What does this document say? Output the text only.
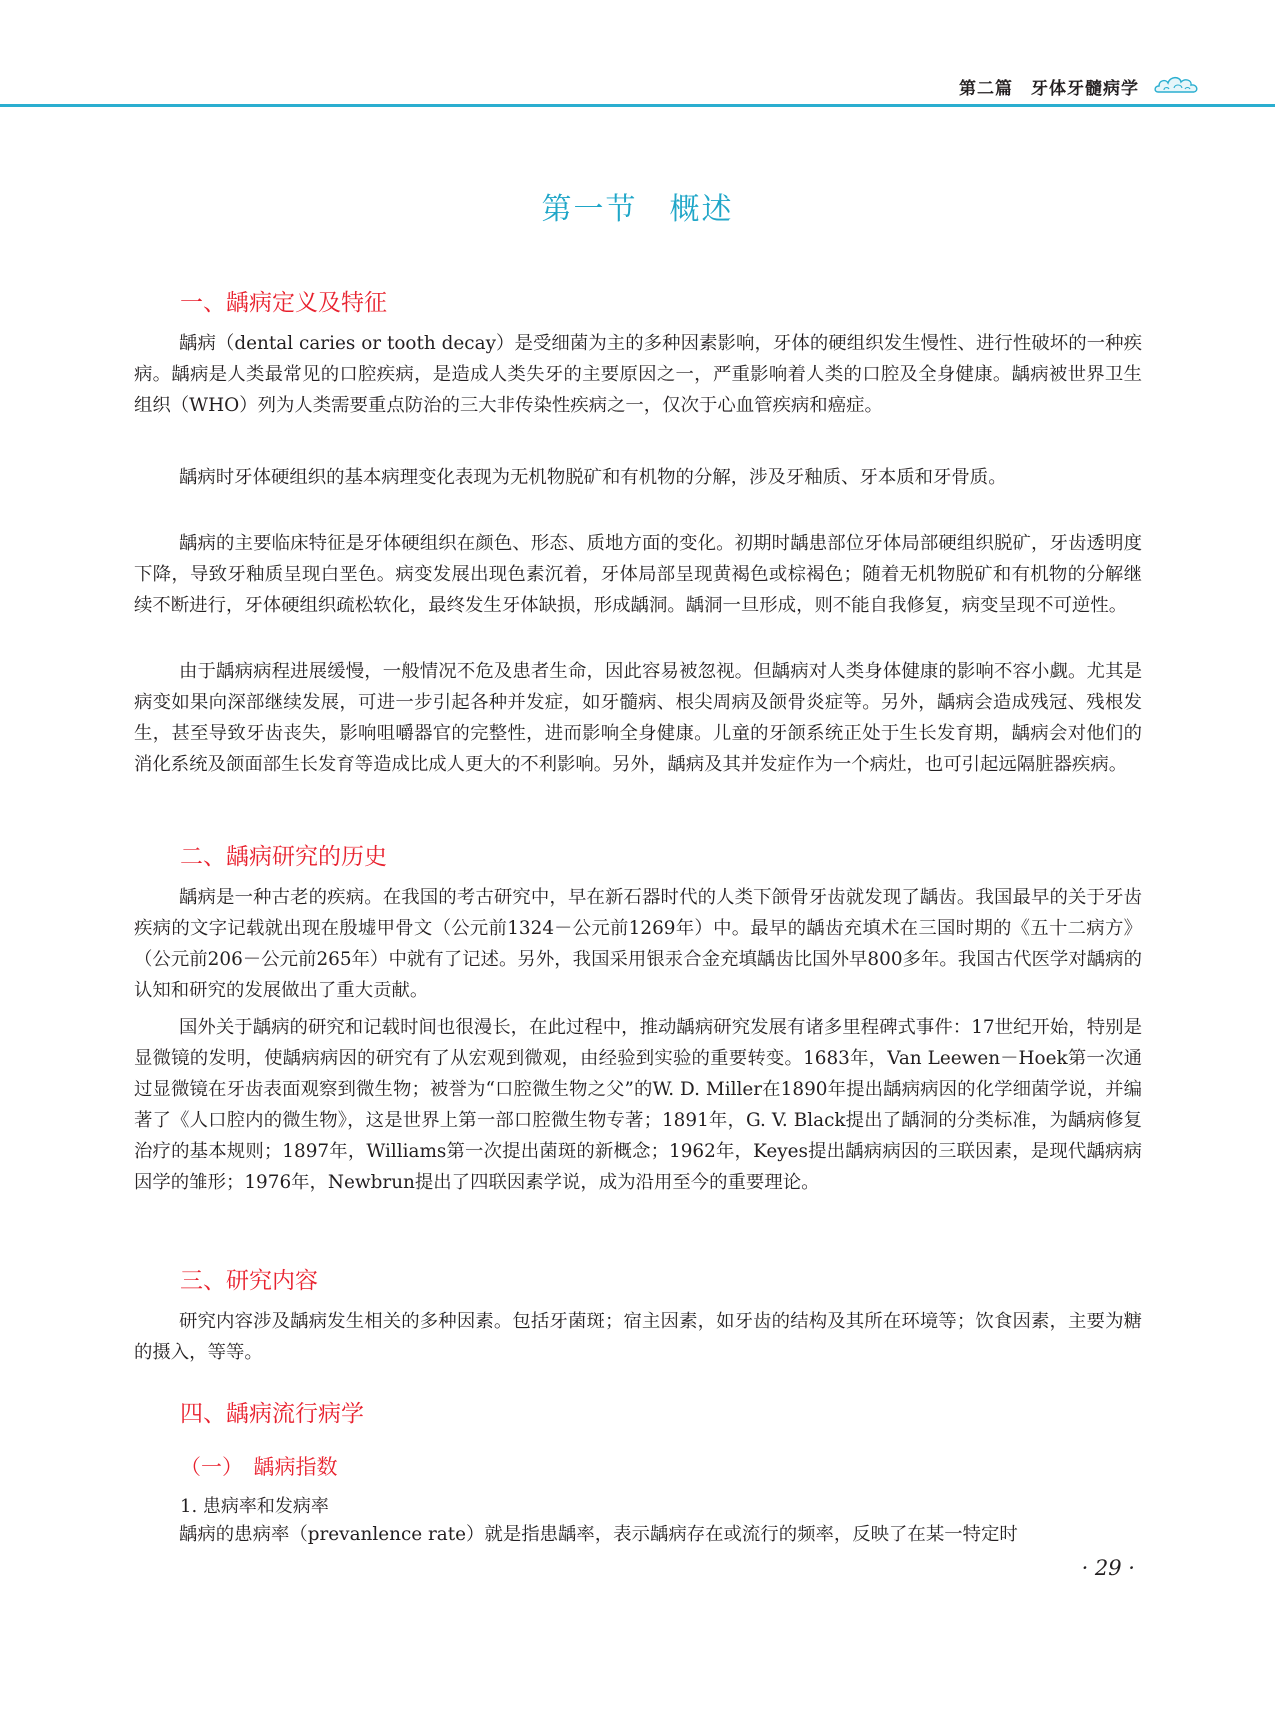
第二篇　牙体牙髓病学
第一节　概述
一、龋病定义及特征

龋病（dental caries or tooth decay）是受细菌为主的多种因素影响，牙体的硬组织发生慢性、进行性破坏的一种疾病。龋病是人类最常见的口腔疾病，是造成人类失牙的主要原因之一，严重影响着人类的口腔及全身健康。龋病被世界卫生组织（WHO）列为人类需要重点防治的三大非传染性疾病之一，仅次于心血管疾病和癌症。

龋病时牙体硬组织的基本病理变化表现为无机物脱矿和有机物的分解，涉及牙釉质、牙本质和牙骨质。

龋病的主要临床特征是牙体硬组织在颜色、形态、质地方面的变化。初期时龋患部位牙体局部硬组织脱矿，牙齿透明度下降，导致牙釉质呈现白垩色。病变发展出现色素沉着，牙体局部呈现黄褐色或棕褐色；随着无机物脱矿和有机物的分解继续不断进行，牙体硬组织疏松软化，最终发生牙体缺损，形成龋洞。龋洞一旦形成，则不能自我修复，病变呈现不可逆性。

由于龋病病程进展缓慢，一般情况不危及患者生命，因此容易被忽视。但龋病对人类身体健康的影响不容小觑。尤其是病变如果向深部继续发展，可进一步引起各种并发症，如牙髓病、根尖周病及颌骨炎症等。另外，龋病会造成残冠、残根发生，甚至导致牙齿丧失，影响咀嚼器官的完整性，进而影响全身健康。儿童的牙颌系统正处于生长发育期，龋病会对他们的消化系统及颌面部生长发育等造成比成人更大的不利影响。另外，龋病及其并发症作为一个病灶，也可引起远隔脏器疾病。

二、龋病研究的历史

龋病是一种古老的疾病。在我国的考古研究中，早在新石器时代的人类下颌骨牙齿就发现了龋齿。我国最早的关于牙齿疾病的文字记载就出现在殷墟甲骨文（公元前1324－公元前1269年）中。最早的龋齿充填术在三国时期的《五十二病方》（公元前206－公元前265年）中就有了记述。另外，我国采用银汞合金充填龋齿比国外早800多年。我国古代医学对龋病的认知和研究的发展做出了重大贡献。

国外关于龋病的研究和记载时间也很漫长，在此过程中，推动龋病研究发展有诸多里程碑式事件：17世纪开始，特别是显微镜的发明，使龋病病因的研究有了从宏观到微观，由经验到实验的重要转变。1683年，Van Leewen－Hoek第一次通过显微镜在牙齿表面观察到微生物；被誉为“口腔微生物之父”的W. D. Miller在1890年提出龋病病因的化学细菌学说，并编著了《人口腔内的微生物》，这是世界上第一部口腔微生物专著；1891年，G. V. Black提出了龋洞的分类标准，为龋病修复治疗的基本规则；1897年，Williams第一次提出菌斑的新概念；1962年，Keyes提出龋病病因的三联因素，是现代龋病病因学的雏形；1976年，Newbrun提出了四联因素学说，成为沿用至今的重要理论。

三、研究内容

研究内容涉及龋病发生相关的多种因素。包括牙菌斑；宿主因素，如牙齿的结构及其所在环境等；饮食因素，主要为糖的摄入，等等。

四、龋病流行病学
（一）　龋病指数
1. 患病率和发病率

龋病的患病率（prevanlence rate）就是指患龋率，表示龋病存在或流行的频率，反映了在某一特定时

· 29 ·
